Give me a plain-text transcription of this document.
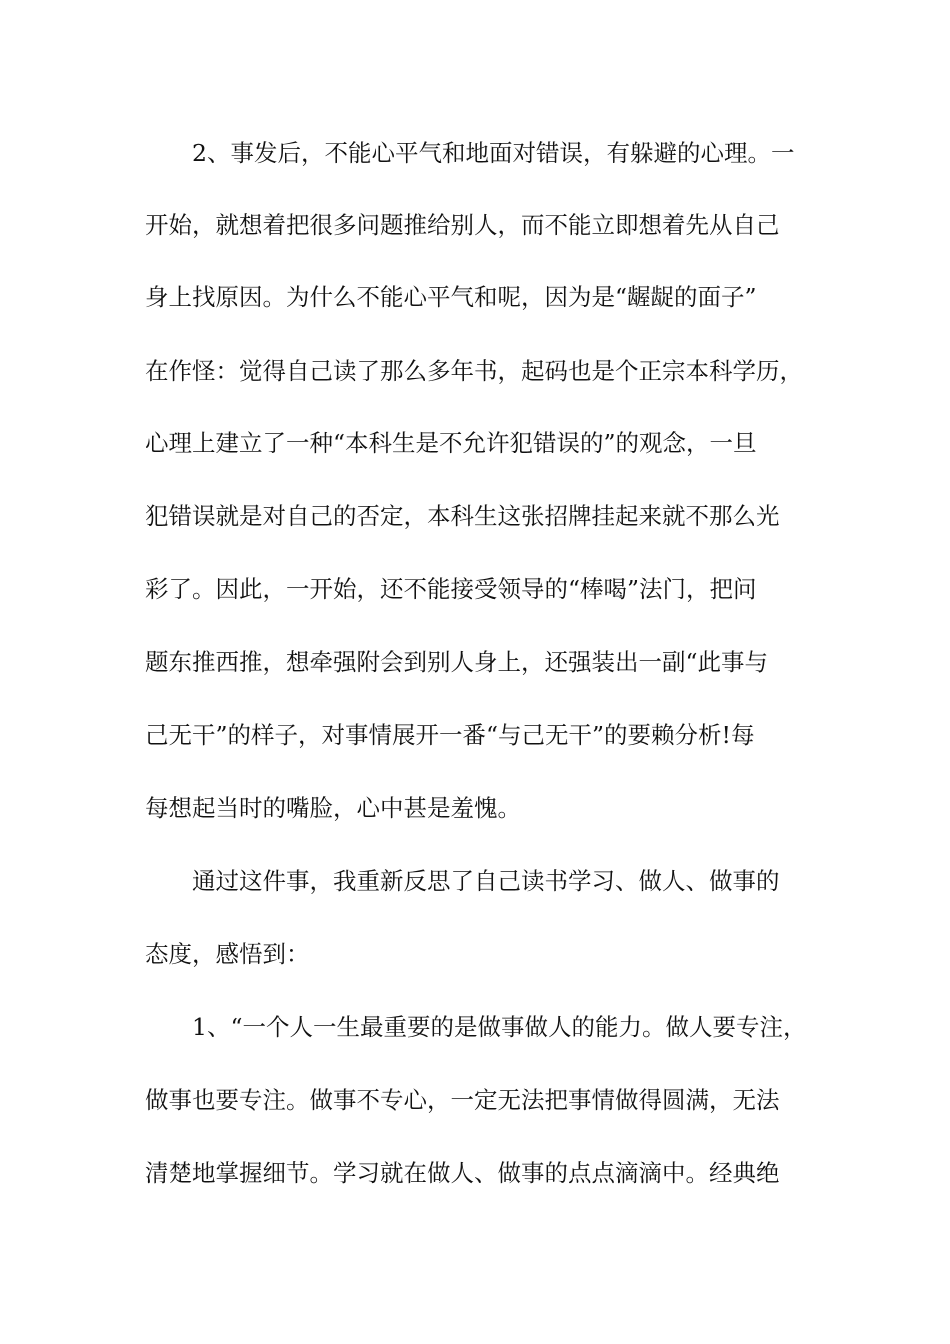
2、事发后，不能心平气和地面对错误，有躲避的心理。一

开始，就想着把很多问题推给别人，而不能立即想着先从自己

身上找原因。为什么不能心平气和呢，因为是“龌龊的面子”

在作怪：觉得自己读了那么多年书，起码也是个正宗本科学历，

心理上建立了一种“本科生是不允许犯错误的”的观念，一旦

犯错误就是对自己的否定，本科生这张招牌挂起来就不那么光

彩了。因此，一开始，还不能接受领导的“棒喝”法门，把问

题东推西推，想牵强附会到别人身上，还强装出一副“此事与

己无干”的样子，对事情展开一番“与己无干”的要赖分析!每

每想起当时的嘴脸，心中甚是羞愧。

通过这件事，我重新反思了自己读书学习、做人、做事的

态度，感悟到：

1、“一个人一生最重要的是做事做人的能力。做人要专注，

做事也要专注。做事不专心，一定无法把事情做得圆满，无法

清楚地掌握细节。学习就在做人、做事的点点滴滴中。经典绝
